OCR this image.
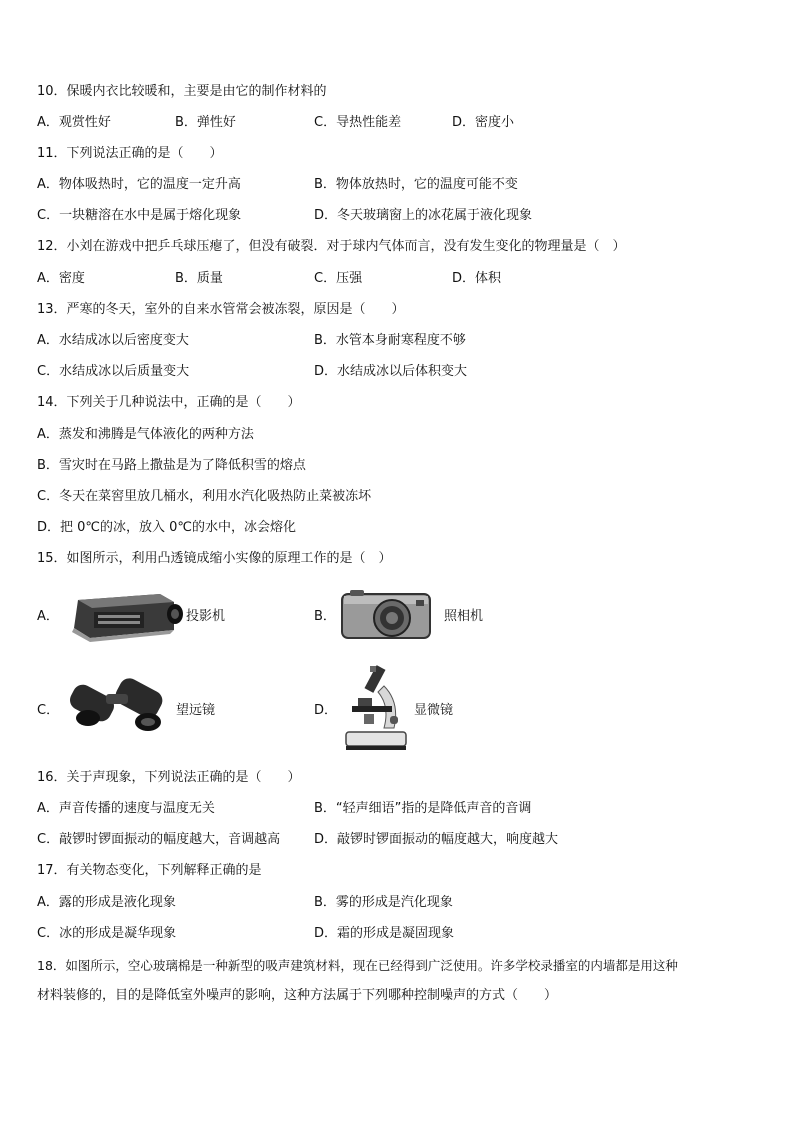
10．保暖内衣比较暖和，主要是由它的制作材料的
A．观赏性好	B．弹性好	C．导热性能差	D．密度小
11．下列说法正确的是（　　）
A．物体吸热时，它的温度一定升高	B．物体放热时，它的温度可能不变
C．一块糖溶在水中是属于熔化现象	D．冬天玻璃窗上的冰花属于液化现象
12．小刘在游戏中把乒乓球压瘪了，但没有破裂．对于球内气体而言，没有发生变化的物理量是（　）
A．密度	B．质量	C．压强	D．体积
13．严寒的冬天，室外的自来水管常会被冻裂，原因是（　　）
A．水结成冰以后密度变大	B．水管本身耐寒程度不够
C．水结成冰以后质量变大	D．水结成冰以后体积变大
14．下列关于几种说法中，正确的是（　　）
A．蒸发和沸腾是气体液化的两种方法
B．雪灾时在马路上撒盐是为了降低积雪的熔点
C．冬天在菜窖里放几桶水，利用水汽化吸热防止菜被冻坏
D．把 0℃的冰，放入 0℃的水中，冰会熔化
15．如图所示，利用凸透镜成缩小实像的原理工作的是（　）
A．	投影机	B．	照相机
C．	望远镜	D．	显微镜
16．关于声现象，下列说法正确的是（　　）
A．声音传播的速度与温度无关	B．“轻声细语”指的是降低声音的音调
C．敲锣时锣面振动的幅度越大，音调越高	D．敲锣时锣面振动的幅度越大，响度越大
17．有关物态变化，下列解释正确的是
A．露的形成是液化现象	B．雾的形成是汽化现象
C．冰的形成是凝华现象	D．霜的形成是凝固现象
18．如图所示，空心玻璃棉是一种新型的吸声建筑材料，现在已经得到广泛使用。许多学校录播室的内墙都是用这种
材料装修的，目的是降低室外噪声的影响，这种方法属于下列哪种控制噪声的方式（　　）
